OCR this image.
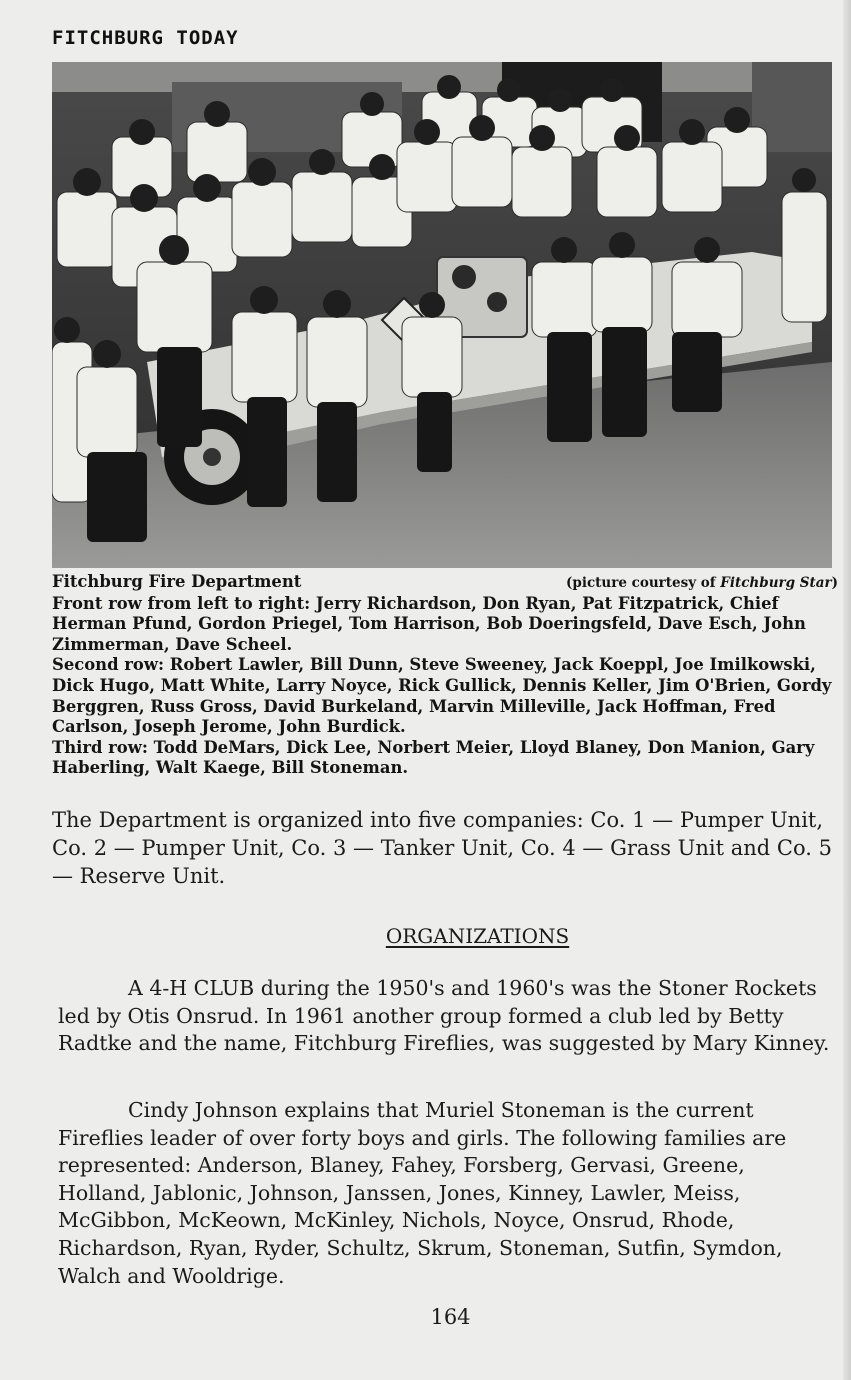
FITCHBURG TODAY
Fitchburg Fire Department	(picture courtesy of Fitchburg Star)

Front row from left to right: Jerry Richardson, Don Ryan, Pat Fitzpatrick, Chief Herman Pfund, Gordon Priegel, Tom Harrison, Bob Doeringsfeld, Dave Esch, John Zimmerman, Dave Scheel.

Second row: Robert Lawler, Bill Dunn, Steve Sweeney, Jack Koeppl, Joe Imilkowski, Dick Hugo, Matt White, Larry Noyce, Rick Gullick, Dennis Keller, Jim O'Brien, Gordy Berggren, Russ Gross, David Burkeland, Marvin Milleville, Jack Hoffman, Fred Carlson, Joseph Jerome, John Burdick.

Third row: Todd DeMars, Dick Lee, Norbert Meier, Lloyd Blaney, Don Manion, Gary Haberling, Walt Kaege, Bill Stoneman.

The Department is organized into five companies: Co. 1 — Pumper Unit, Co. 2 — Pumper Unit, Co. 3 — Tanker Unit, Co. 4 — Grass Unit and Co. 5 — Reserve Unit.

ORGANIZATIONS

A 4-H CLUB during the 1950's and 1960's was the Stoner Rockets led by Otis Onsrud. In 1961 another group formed a club led by Betty Radtke and the name, Fitchburg Fireflies, was suggested by Mary Kinney.

Cindy Johnson explains that Muriel Stoneman is the current Fireflies leader of over forty boys and girls. The following families are represented: Anderson, Blaney, Fahey, Forsberg, Gervasi, Greene, Holland, Jablonic, Johnson, Janssen, Jones, Kinney, Lawler, Meiss, McGibbon, McKeown, McKinley, Nichols, Noyce, Onsrud, Rhode, Richardson, Ryan, Ryder, Schultz, Skrum, Stoneman, Sutfin, Symdon, Walch and Wooldrige.

164
